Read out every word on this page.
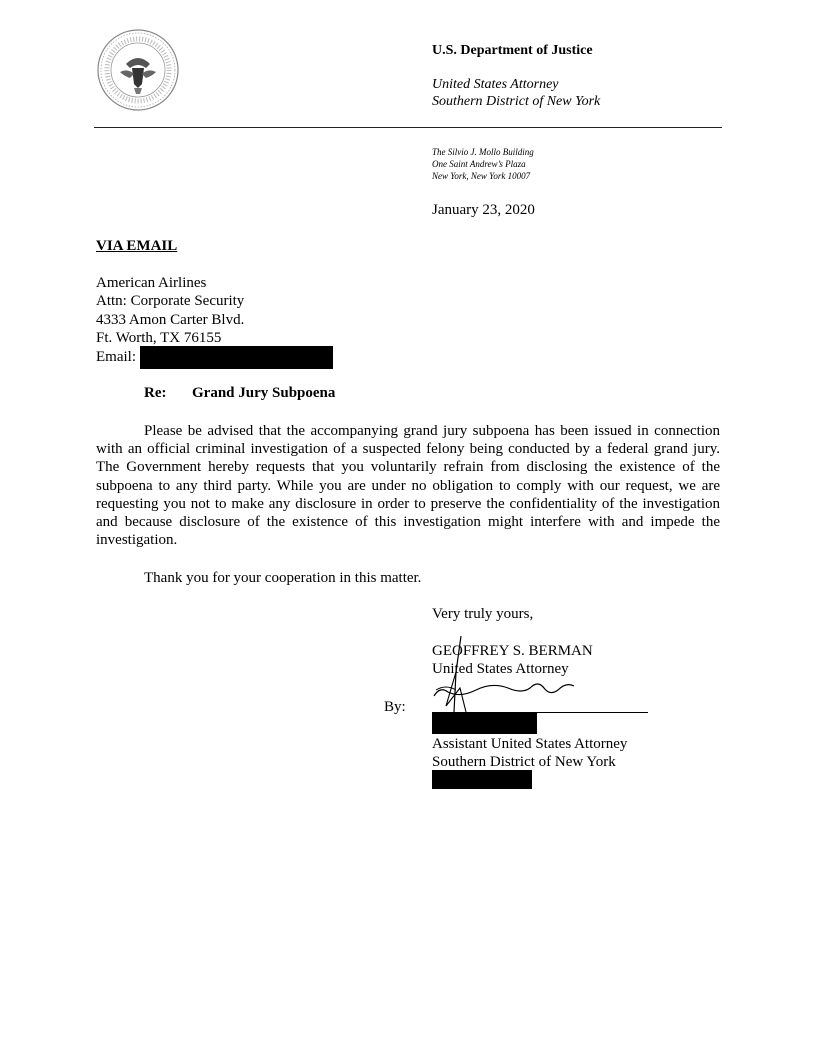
U.S. Department of Justice
United States Attorney
Southern District of New York
The Silvio J. Mollo Building
One Saint Andrew’s Plaza
New York, New York 10007
January 23, 2020
VIA EMAIL
American Airlines
Attn: Corporate Security
4333 Amon Carter Blvd.
Ft. Worth, TX 76155
Email:
Re: Grand Jury Subpoena
Please be advised that the accompanying grand jury subpoena has been issued in connection with an official criminal investigation of a suspected felony being conducted by a federal grand jury. The Government hereby requests that you voluntarily refrain from disclosing the existence of the subpoena to any third party. While you are under no obligation to comply with our request, we are requesting you not to make any disclosure in order to preserve the confidentiality of the investigation and because disclosure of the existence of this investigation might interfere with and impede the investigation.
Thank you for your cooperation in this matter.
Very truly yours,
GEOFFREY S. BERMAN
United States Attorney
By:
Assistant United States Attorney
Southern District of New York
